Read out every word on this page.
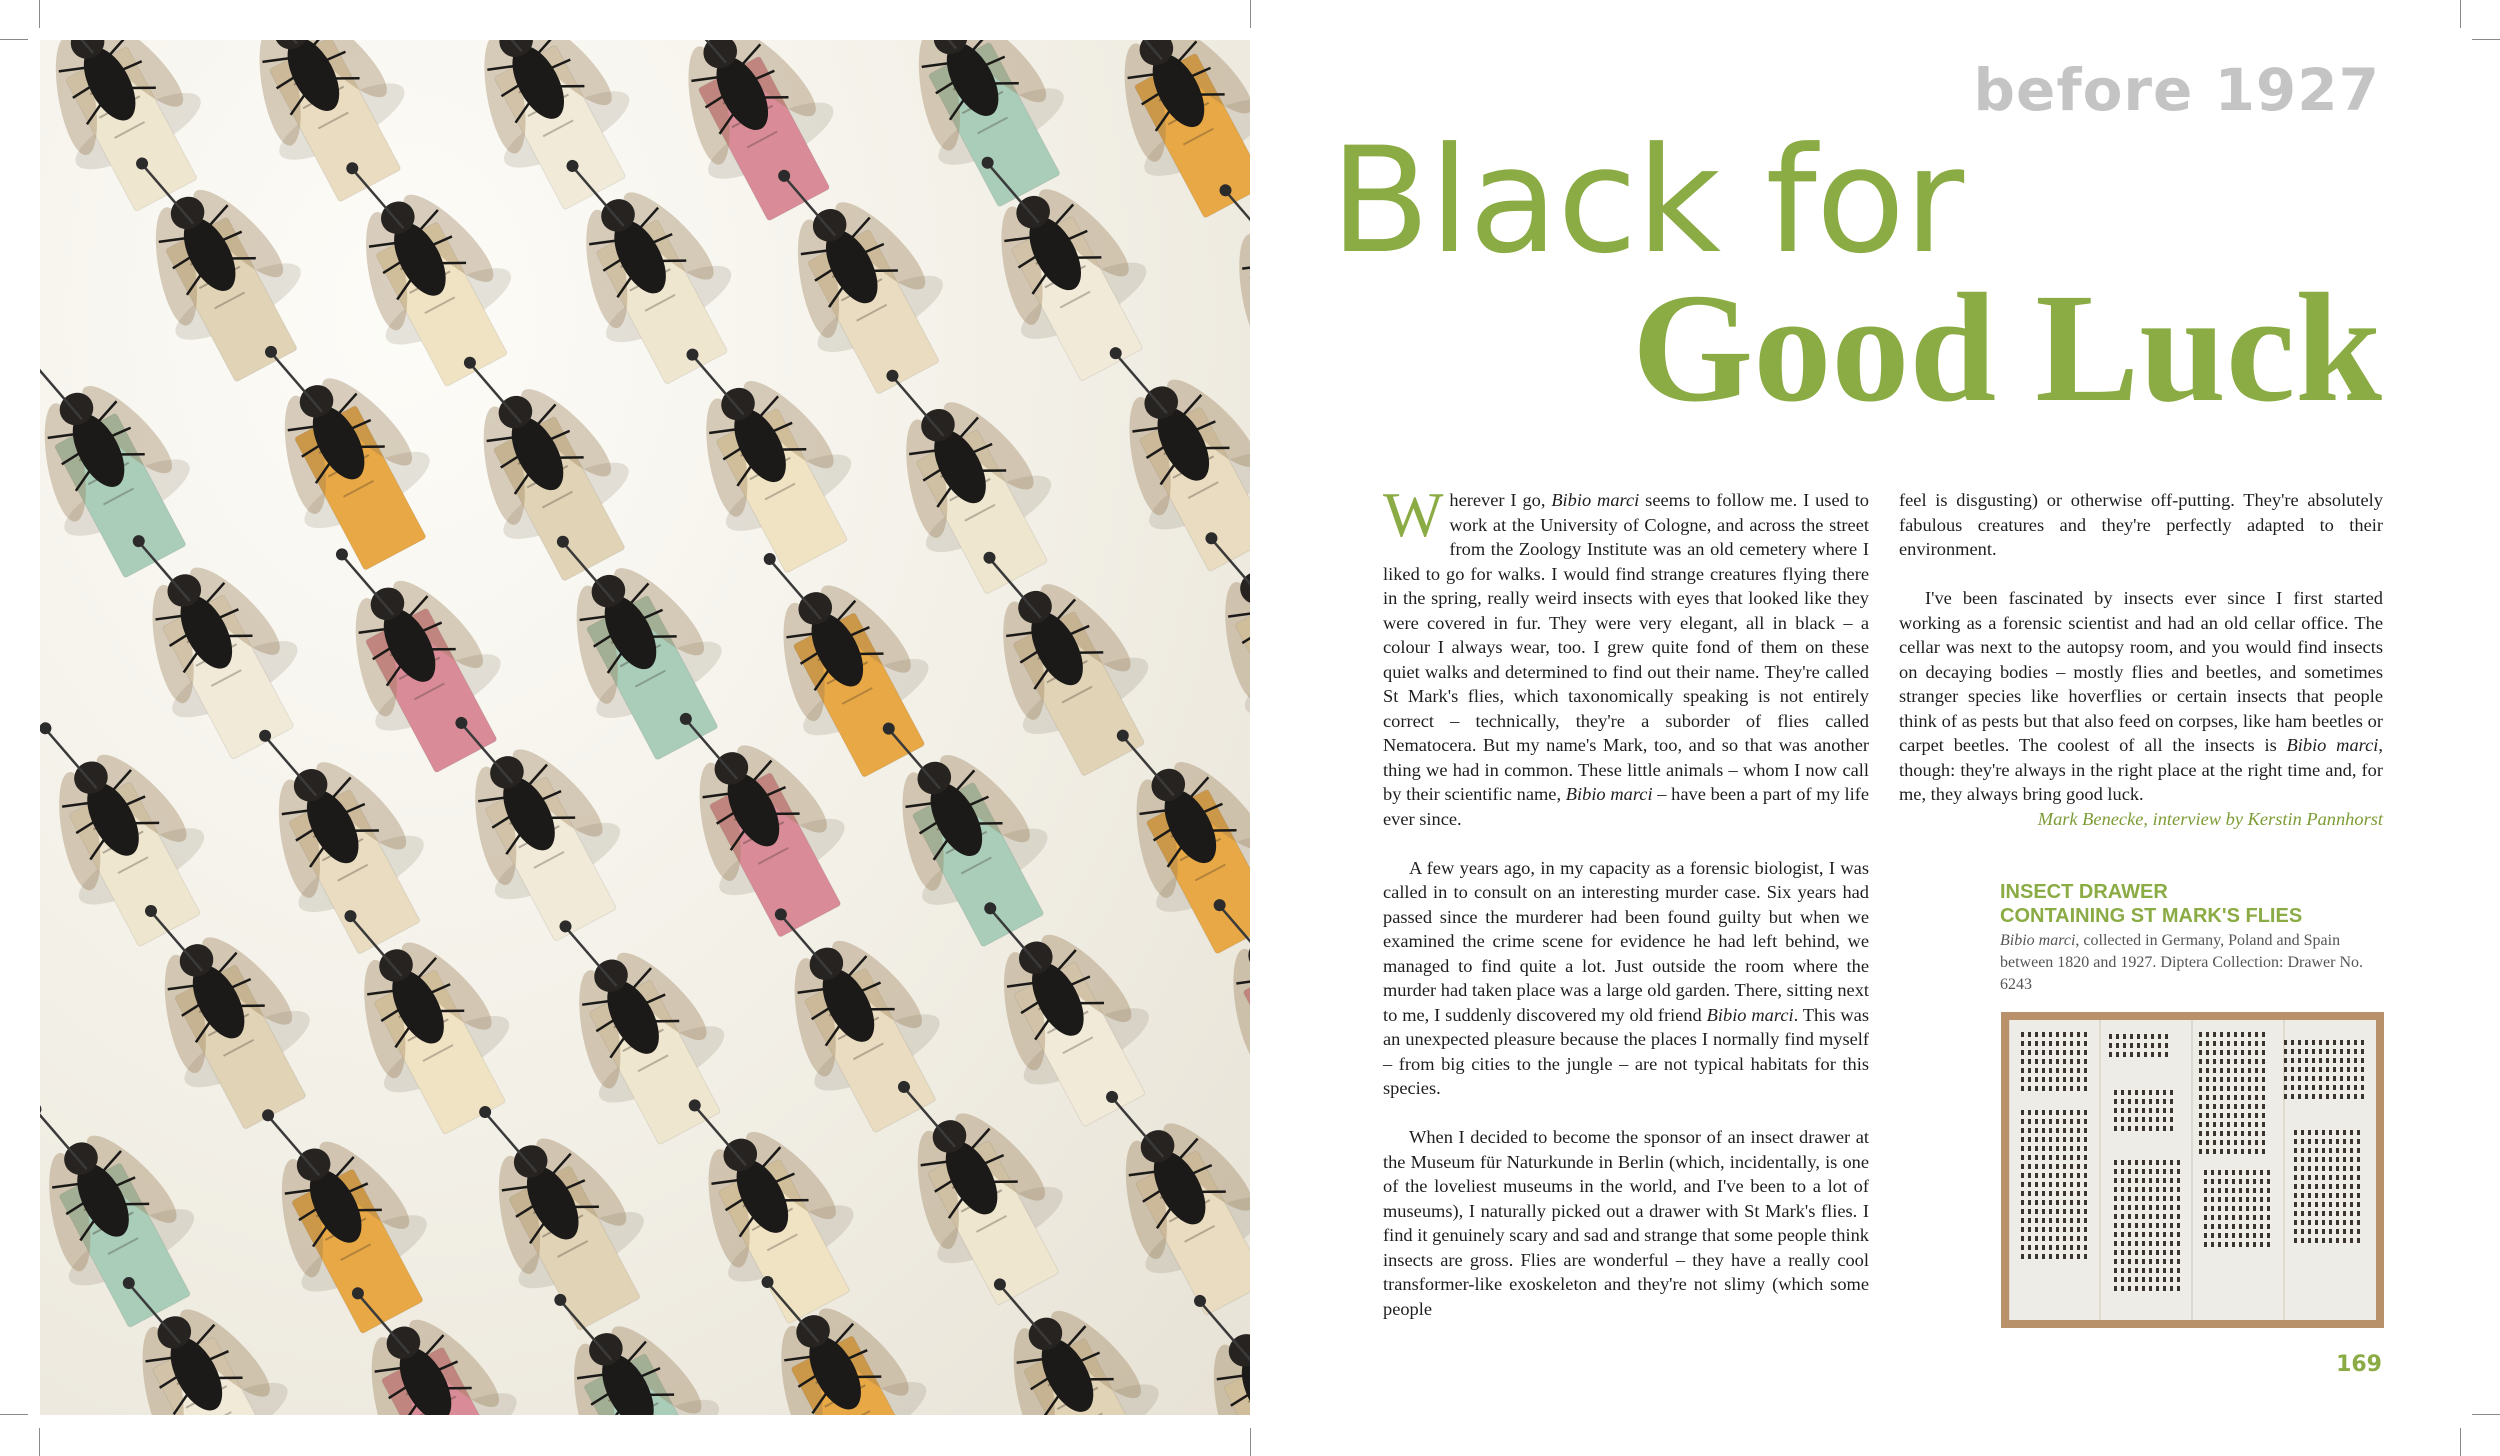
before 1927
Black for
Good Luck

Wherever I go, Bibio marci seems to follow me. I used to work at the University of Cologne, and across the street from the Zoology Institute was an old cemetery where I liked to go for walks. I would find strange creatures flying there in the spring, really weird insects with eyes that looked like they were covered in fur. They were very elegant, all in black – a colour I always wear, too. I grew quite fond of them on these quiet walks and determined to find out their name. They're called St Mark's flies, which taxonomically speaking is not entirely correct – technically, they're a suborder of flies called Nematocera. But my name's Mark, too, and so that was another thing we had in common. These little animals – whom I now call by their scientific name, Bibio marci – have been a part of my life ever since.

A few years ago, in my capacity as a forensic biologist, I was called in to consult on an interesting murder case. Six years had passed since the murderer had been found guilty but when we examined the crime scene for evidence he had left behind, we managed to find quite a lot. Just outside the room where the murder had taken place was a large old garden. There, sitting next to me, I suddenly discovered my old friend Bibio marci. This was an unexpected pleasure because the places I normally find myself – from big cities to the jungle – are not typical habitats for this species.

When I decided to become the sponsor of an insect drawer at the Museum für Naturkunde in Berlin (which, incidentally, is one of the loveliest museums in the world, and I've been to a lot of museums), I naturally picked out a drawer with St Mark's flies. I find it genuinely scary and sad and strange that some people think insects are gross. Flies are wonderful – they have a really cool transformer-like exoskeleton and they're not slimy (which some people

feel is disgusting) or otherwise off-putting. They're absolutely fabulous creatures and they're perfectly adapted to their environment.

I've been fascinated by insects ever since I first started working as a forensic scientist and had an old cellar office. The cellar was next to the autopsy room, and you would find insects on decaying bodies – mostly flies and beetles, and sometimes stranger species like hoverflies or certain insects that people think of as pests but that also feed on corpses, like ham beetles or carpet beetles. The coolest of all the insects is Bibio marci, though: they're always in the right place at the right time and, for me, they always bring good luck.

Mark Benecke, interview by Kerstin Pannhorst

INSECT DRAWER
CONTAINING ST MARK'S FLIES
Bibio marci, collected in Germany, Poland and Spain between 1820 and 1927. Diptera Collection: Drawer No. 6243
169
